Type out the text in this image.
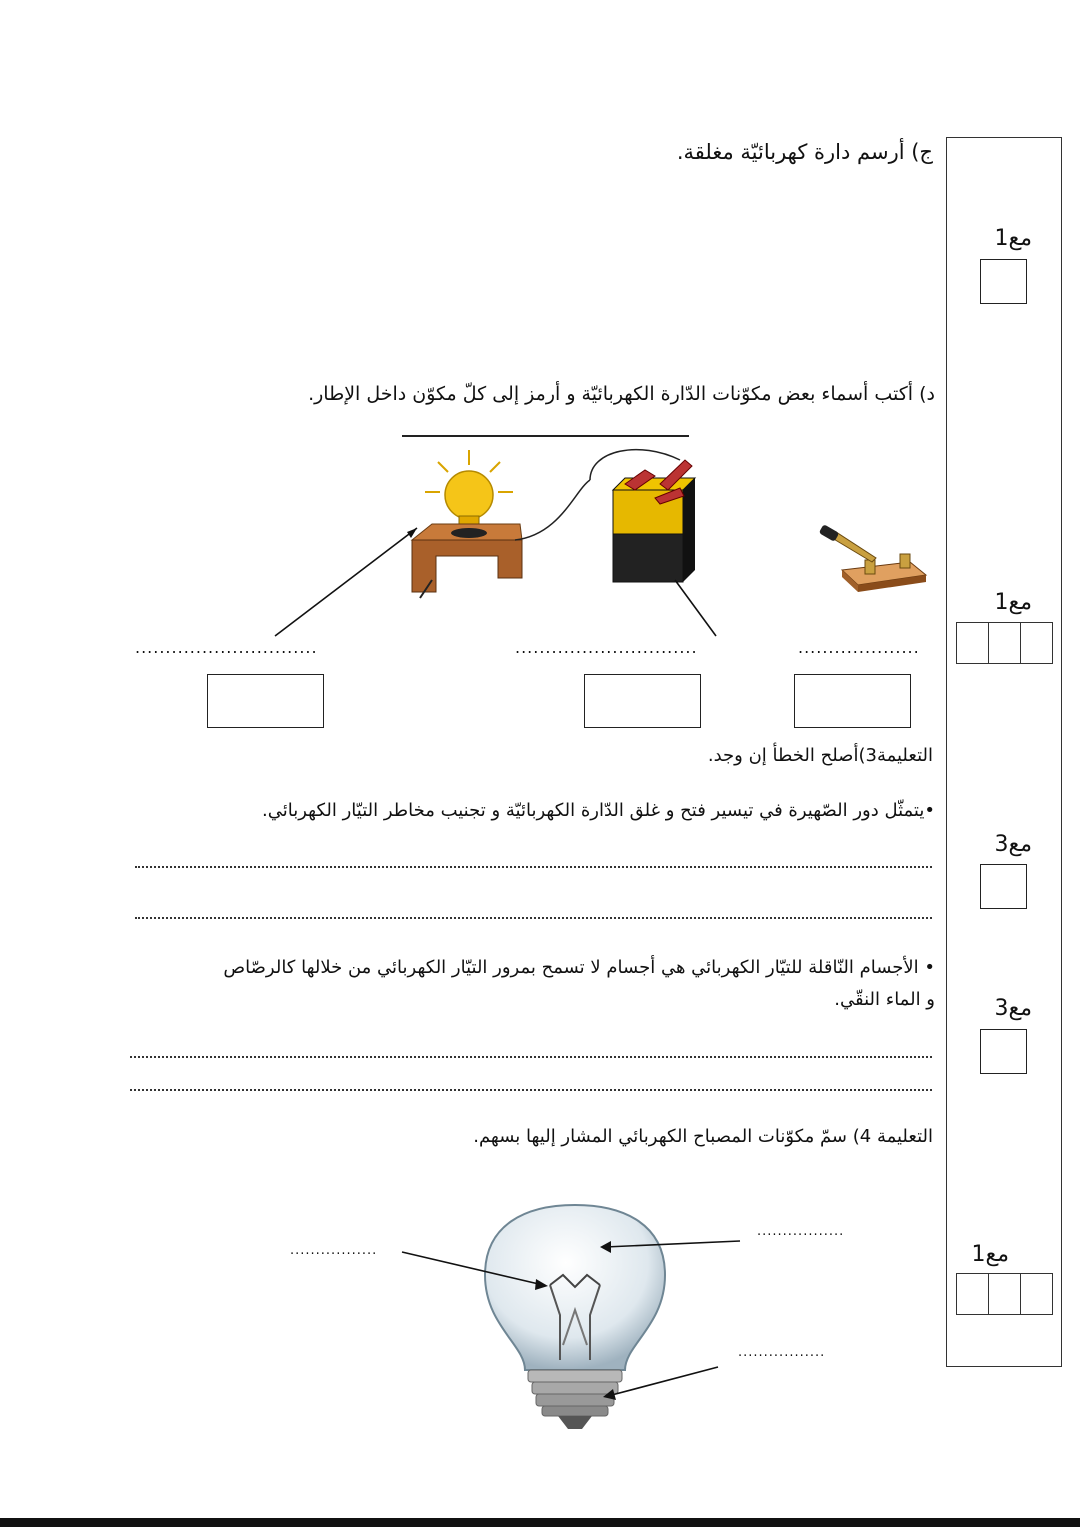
مع1
مع1
مع3
مع3
مع1
ج) أرسم دارة كهربائيّة مغلقة.
د) أكتب أسماء بعض مكوّنات الدّارة الكهربائيّة و أرمز إلى كلّ مكوّن داخل الإطار.
..............................	..............................	....................
التعليمة3)أصلح الخطأ إن وجد.
•يتمثّل دور الصّهيرة في تيسير فتح و غلق الدّارة الكهربائيّة و تجنيب مخاطر التيّار الكهربائي.
• الأجسام النّاقلة للتيّار الكهربائي هي أجسام لا تسمح بمرور التيّار الكهربائي من خلالها كالرصّاص
و الماء النقّي.
التعليمة 4) سمّ مكوّنات المصباح الكهربائي المشار إليها بسهم.
.................
.................
.................
